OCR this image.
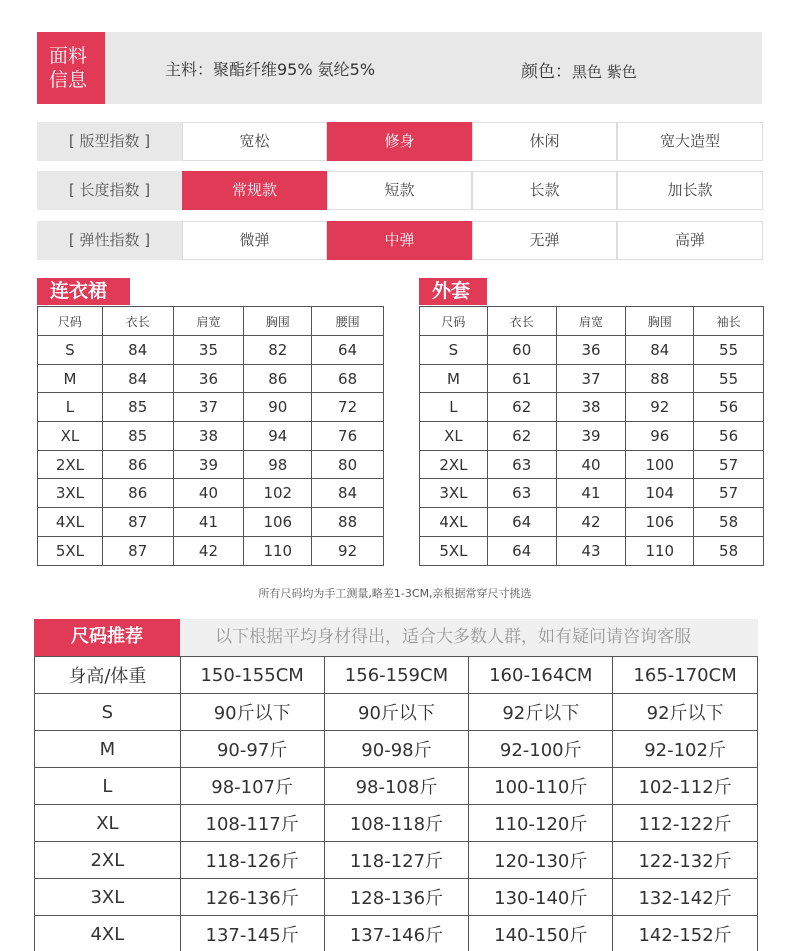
面料
信息	主料：聚酯纤维95% 氨纶5%	颜色：黑色 紫色
[ 版型指数 ]	宽松	修身	休闲	宽大造型
[ 长度指数 ]	常规款	短款	长款	加长款
[ 弹性指数 ]	微弹	中弹	无弹	高弹
连衣裙
尺码	衣长	肩宽	胸围	腰围
S	84	35	82	64
M	84	36	86	68
L	85	37	90	72
XL	85	38	94	76
2XL	86	39	98	80
3XL	86	40	102	84
4XL	87	41	106	88
5XL	87	42	110	92
外套
尺码	衣长	肩宽	胸围	袖长
S	60	36	84	55
M	61	37	88	55
L	62	38	92	56
XL	62	39	96	56
2XL	63	40	100	57
3XL	63	41	104	57
4XL	64	42	106	58
5XL	64	43	110	58
所有尺码均为手工测量,略差1-3CM,亲根据常穿尺寸挑选
尺码推荐	以下根据平均身材得出，适合大多数人群，如有疑问请咨询客服
身高/体重	150-155CM	156-159CM	160-164CM	165-170CM
S	90斤以下	90斤以下	92斤以下	92斤以下
M	90-97斤	90-98斤	92-100斤	92-102斤
L	98-107斤	98-108斤	100-110斤	102-112斤
XL	108-117斤	108-118斤	110-120斤	112-122斤
2XL	118-126斤	118-127斤	120-130斤	122-132斤
3XL	126-136斤	128-136斤	130-140斤	132-142斤
4XL	137-145斤	137-146斤	140-150斤	142-152斤
